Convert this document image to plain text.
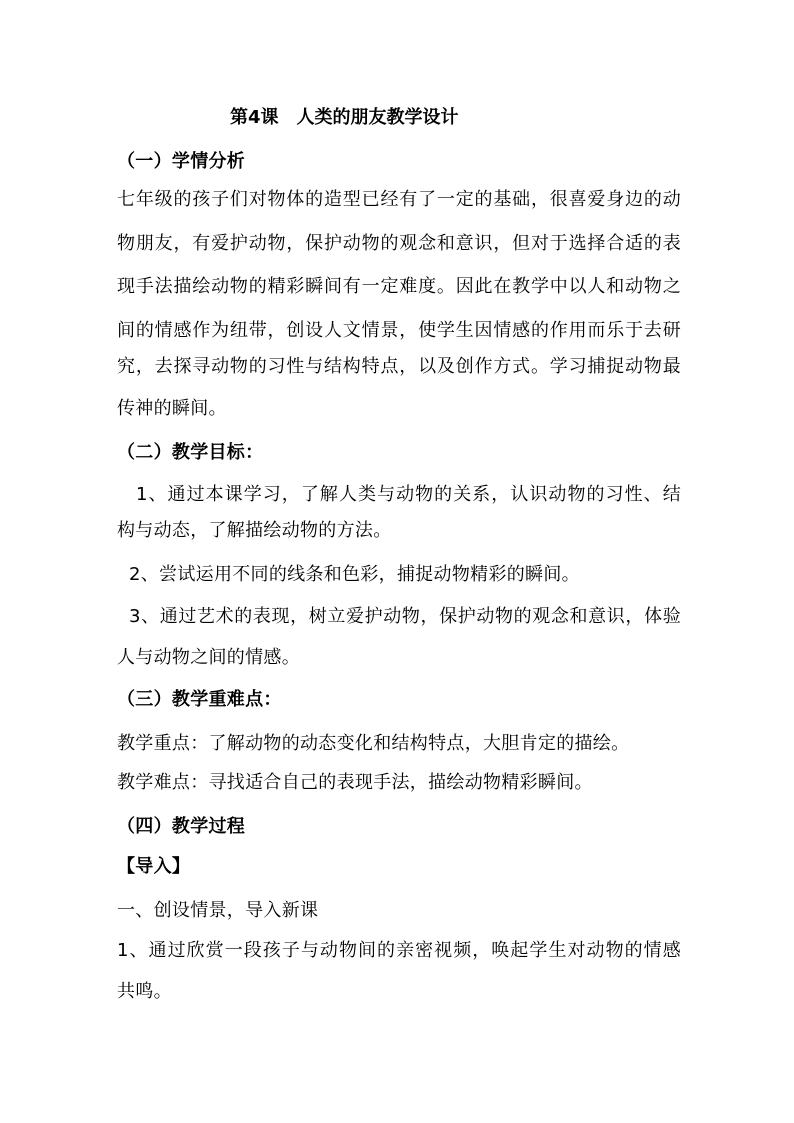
第4课　人类的朋友教学设计
（一）学情分析
七年级的孩子们对物体的造型已经有了一定的基础，很喜爱身边的动
物朋友，有爱护动物，保护动物的观念和意识，但对于选择合适的表
现手法描绘动物的精彩瞬间有一定难度。因此在教学中以人和动物之
间的情感作为纽带，创设人文情景，使学生因情感的作用而乐于去研
究，去探寻动物的习性与结构特点，以及创作方式。学习捕捉动物最
传神的瞬间。
（二）教学目标：
1、通过本课学习，了解人类与动物的关系，认识动物的习性、结
构与动态，了解描绘动物的方法。
2、尝试运用不同的线条和色彩，捕捉动物精彩的瞬间。
3、通过艺术的表现，树立爱护动物，保护动物的观念和意识，体验
人与动物之间的情感。
（三）教学重难点：
教学重点：了解动物的动态变化和结构特点，大胆肯定的描绘。
教学难点：寻找适合自己的表现手法，描绘动物精彩瞬间。
（四）教学过程
【导入】
一、创设情景，导入新课
1、通过欣赏一段孩子与动物间的亲密视频，唤起学生对动物的情感
共鸣。
